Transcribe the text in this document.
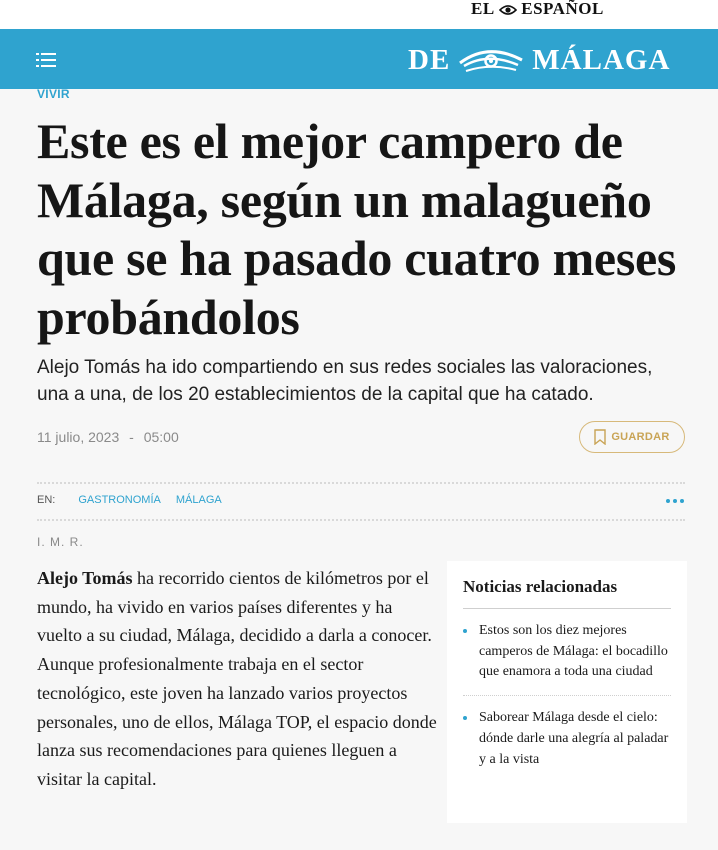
EL ESPAÑOL
DE	MÁLAGA
VIVIR
Este es el mejor campero de Málaga, según un malagueño que se ha pasado cuatro meses probándolos

Alejo Tomás ha ido compartiendo en sus redes sociales las valoraciones, una a una, de los 20 establecimientos de la capital que ha catado.

11 julio, 2023 - 05:00	GUARDAR
EN: GASTRONOMÍA MÁLAGA
I. M. R.

Alejo Tomás ha recorrido cientos de kilómetros por el mundo, ha vivido en varios países diferentes y ha vuelto a su ciudad, Málaga, decidido a darla a conocer. Aunque profesionalmente trabaja en el sector tecnológico, este joven ha lanzado varios proyectos personales, uno de ellos, Málaga TOP, el espacio donde lanza sus recomendaciones para quienes lleguen a visitar la capital.

Noticias relacionadas
Estos son los diez mejores camperos de Málaga: el bocadillo que enamora a toda una ciudad
Saborear Málaga desde el cielo: dónde darle una alegría al paladar y a la vista
